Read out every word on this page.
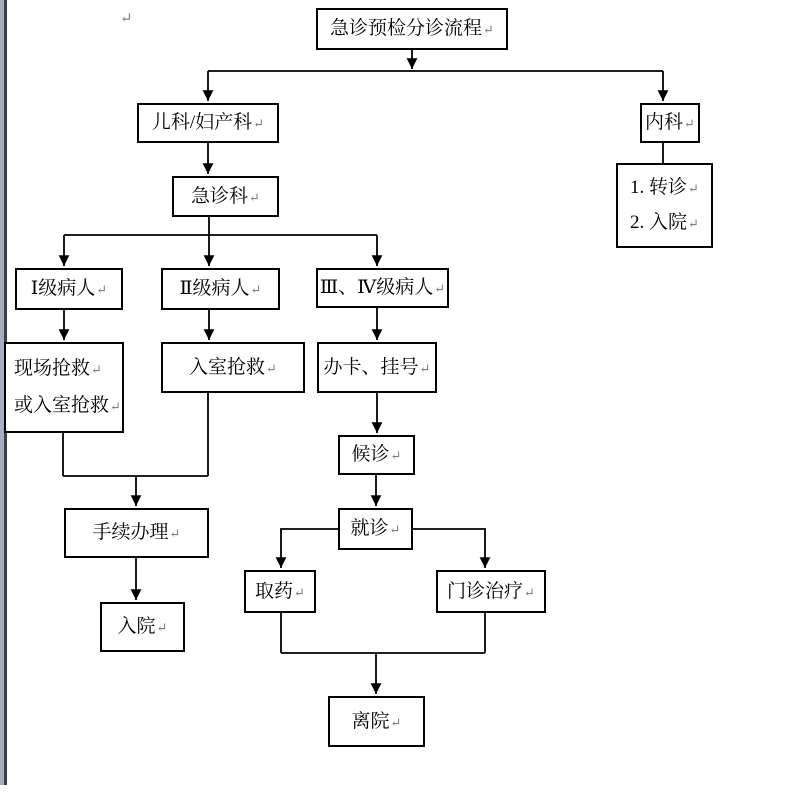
↵	急诊预检分诊流程↵
儿科/妇产科↵	内科↵
1. 转诊↵
2. 入院↵
急诊科↵
Ⅰ级病人↵	Ⅱ级病人↵	Ⅲ、Ⅳ级病人↵
现场抢救↵
或入室抢救↵
入室抢救↵ 办卡、挂号↵
候诊↵
就诊↵
取药↵	门诊治疗↵
手续办理↵
入院↵
离院↵
